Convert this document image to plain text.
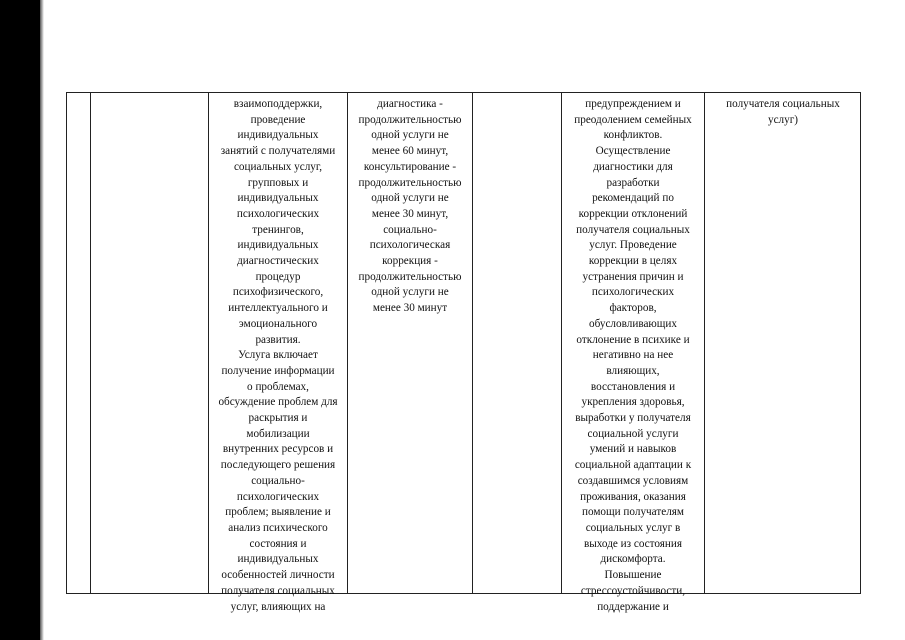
взаимоподдержки,
проведение
индивидуальных
занятий с получателями
социальных услуг,
групповых и
индивидуальных
психологических
тренингов,
индивидуальных
диагностических
процедур
психофизического,
интеллектуального и
эмоционального
развития.
Услуга включает
получение информации
о проблемах,
обсуждение проблем для
раскрытия и
мобилизации
внутренних ресурсов и
последующего решения
социально-
психологических
проблем; выявление и
анализ психического
состояния и
индивидуальных
особенностей личности
получателя социальных
услуг, влияющих на
диагностика -
продолжительностью
одной услуги не
менее 60 минут,
консультирование -
продолжительностью
одной услуги не
менее 30 минут,
социально-
психологическая
коррекция -
продолжительностью
одной услуги не
менее 30 минут
предупреждением и
преодолением семейных
конфликтов.
Осуществление
диагностики для
разработки
рекомендаций по
коррекции отклонений
получателя социальных
услуг. Проведение
коррекции в целях
устранения причин и
психологических
факторов,
обусловливающих
отклонение в психике и
негативно на нее
влияющих,
восстановления и
укрепления здоровья,
выработки у получателя
социальной услуги
умений и навыков
социальной адаптации к
создавшимся условиям
проживания, оказания
помощи получателям
социальных услуг в
выходе из состояния
дискомфорта.
Повышение
стрессоустойчивости,
поддержание и
получателя социальных
услуг)
